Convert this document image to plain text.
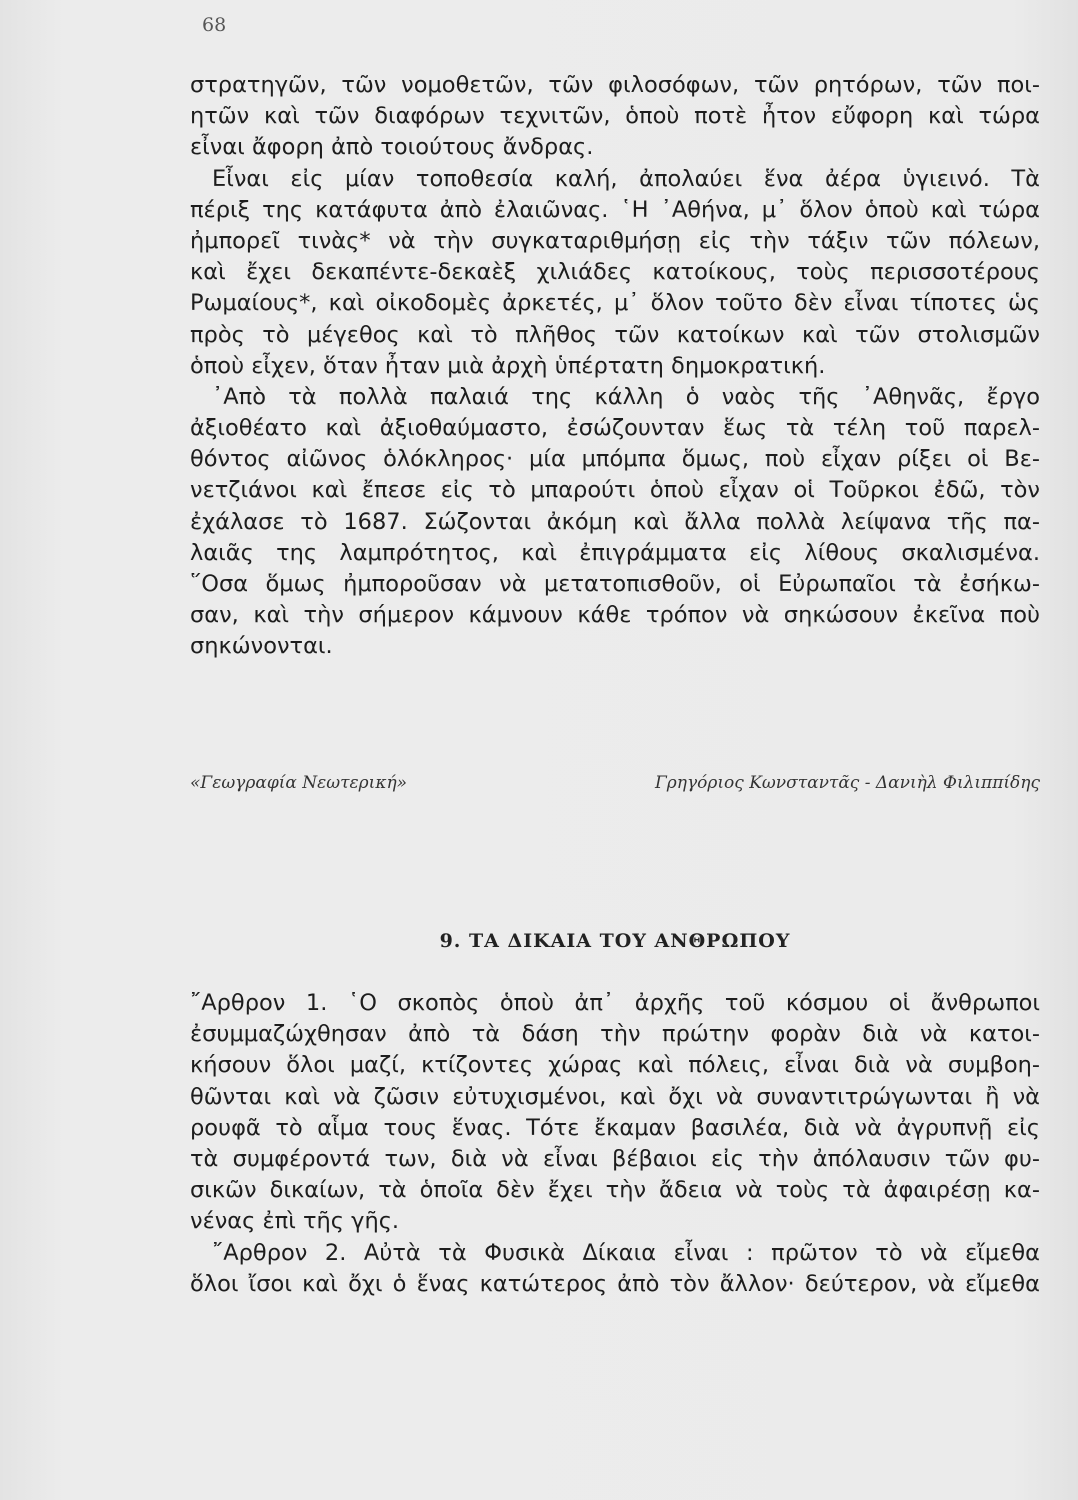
68
στρατηγῶν, τῶν νομοθετῶν, τῶν φιλοσόφων, τῶν ρητόρων, τῶν ποι-
ητῶν καὶ τῶν διαφόρων τεχνιτῶν, ὁποὺ ποτὲ ἦτον εὔφορη καὶ τώρα
εἶναι ἄφορη ἀπὸ τοιούτους ἄνδρας.
Εἶναι εἰς μίαν τοποθεσία καλή, ἀπολαύει ἕνα ἀέρα ὑγιεινό. Τὰ
πέριξ της κατάφυτα ἀπὸ ἐλαιῶνας. ῾Η ᾿Αθήνα, μ᾿ ὅλον ὁποὺ καὶ τώρα
ἠμπορεῖ τινὰς* νὰ τὴν συγκαταριθμήσῃ εἰς τὴν τάξιν τῶν πόλεων,
καὶ ἔχει δεκαπέντε-δεκαὲξ χιλιάδες κατοίκους, τοὺς περισσοτέρους
Ρωμαίους*, καὶ οἰκοδομὲς ἀρκετές, μ᾿ ὅλον τοῦτο δὲν εἶναι τίποτες ὡς
πρὸς τὸ μέγεθος καὶ τὸ πλῆθος τῶν κατοίκων καὶ τῶν στολισμῶν
ὁποὺ εἶχεν, ὅταν ἦταν μιὰ ἀρχὴ ὑπέρτατη δημοκρατική.
᾿Απὸ τὰ πολλὰ παλαιά της κάλλη ὁ ναὸς τῆς ᾿Αθηνᾶς, ἔργο
ἀξιοθέατο καὶ ἀξιοθαύμαστο, ἐσώζουνταν ἕως τὰ τέλη τοῦ παρελ-
θόντος αἰῶνος ὁλόκληρος· μία μπόμπα ὅμως, ποὺ εἶχαν ρίξει οἱ Βε-
νετζιάνοι καὶ ἔπεσε εἰς τὸ μπαρούτι ὁποὺ εἶχαν οἱ Τοῦρκοι ἐδῶ, τὸν
ἐχάλασε τὸ 1687. Σώζονται ἀκόμη καὶ ἄλλα πολλὰ λείψανα τῆς πα-
λαιᾶς της λαμπρότητος, καὶ ἐπιγράμματα εἰς λίθους σκαλισμένα.
῞Οσα ὅμως ἠμποροῦσαν νὰ μετατοπισθοῦν, οἱ Εὐρωπαῖοι τὰ ἐσήκω-
σαν, καὶ τὴν σήμερον κάμνουν κάθε τρόπον νὰ σηκώσουν ἐκεῖνα ποὺ
σηκώνονται.
«Γεωγραφία Νεωτερική»	Γρηγόριος Κωνσταντᾶς - Δανιὴλ Φιλιππίδης
9. ΤΑ ΔΙΚΑΙΑ ΤΟΥ ΑΝΘΡΩΠΟΥ
῎Αρθρον 1. ῾Ο σκοπὸς ὁποὺ ἀπ᾿ ἀρχῆς τοῦ κόσμου οἱ ἄνθρωποι
ἐσυμμαζώχθησαν ἀπὸ τὰ δάση τὴν πρώτην φορὰν διὰ νὰ κατοι-
κήσουν ὅλοι μαζί, κτίζοντες χώρας καὶ πόλεις, εἶναι διὰ νὰ συμβοη-
θῶνται καὶ νὰ ζῶσιν εὐτυχισμένοι, καὶ ὄχι νὰ συναντιτρώγωνται ἢ νὰ
ρουφᾶ τὸ αἷμα τους ἕνας. Τότε ἔκαμαν βασιλέα, διὰ νὰ ἀγρυπνῇ εἰς
τὰ συμφέροντά των, διὰ νὰ εἶναι βέβαιοι εἰς τὴν ἀπόλαυσιν τῶν φυ-
σικῶν δικαίων, τὰ ὁποῖα δὲν ἔχει τὴν ἄδεια νὰ τοὺς τὰ ἀφαιρέσῃ κα-
νένας ἐπὶ τῆς γῆς.
῎Αρθρον 2. Αὐτὰ τὰ Φυσικὰ Δίκαια εἶναι : πρῶτον τὸ νὰ εἴμεθα
ὅλοι ἴσοι καὶ ὄχι ὁ ἕνας κατώτερος ἀπὸ τὸν ἄλλον· δεύτερον, νὰ εἴμεθα
